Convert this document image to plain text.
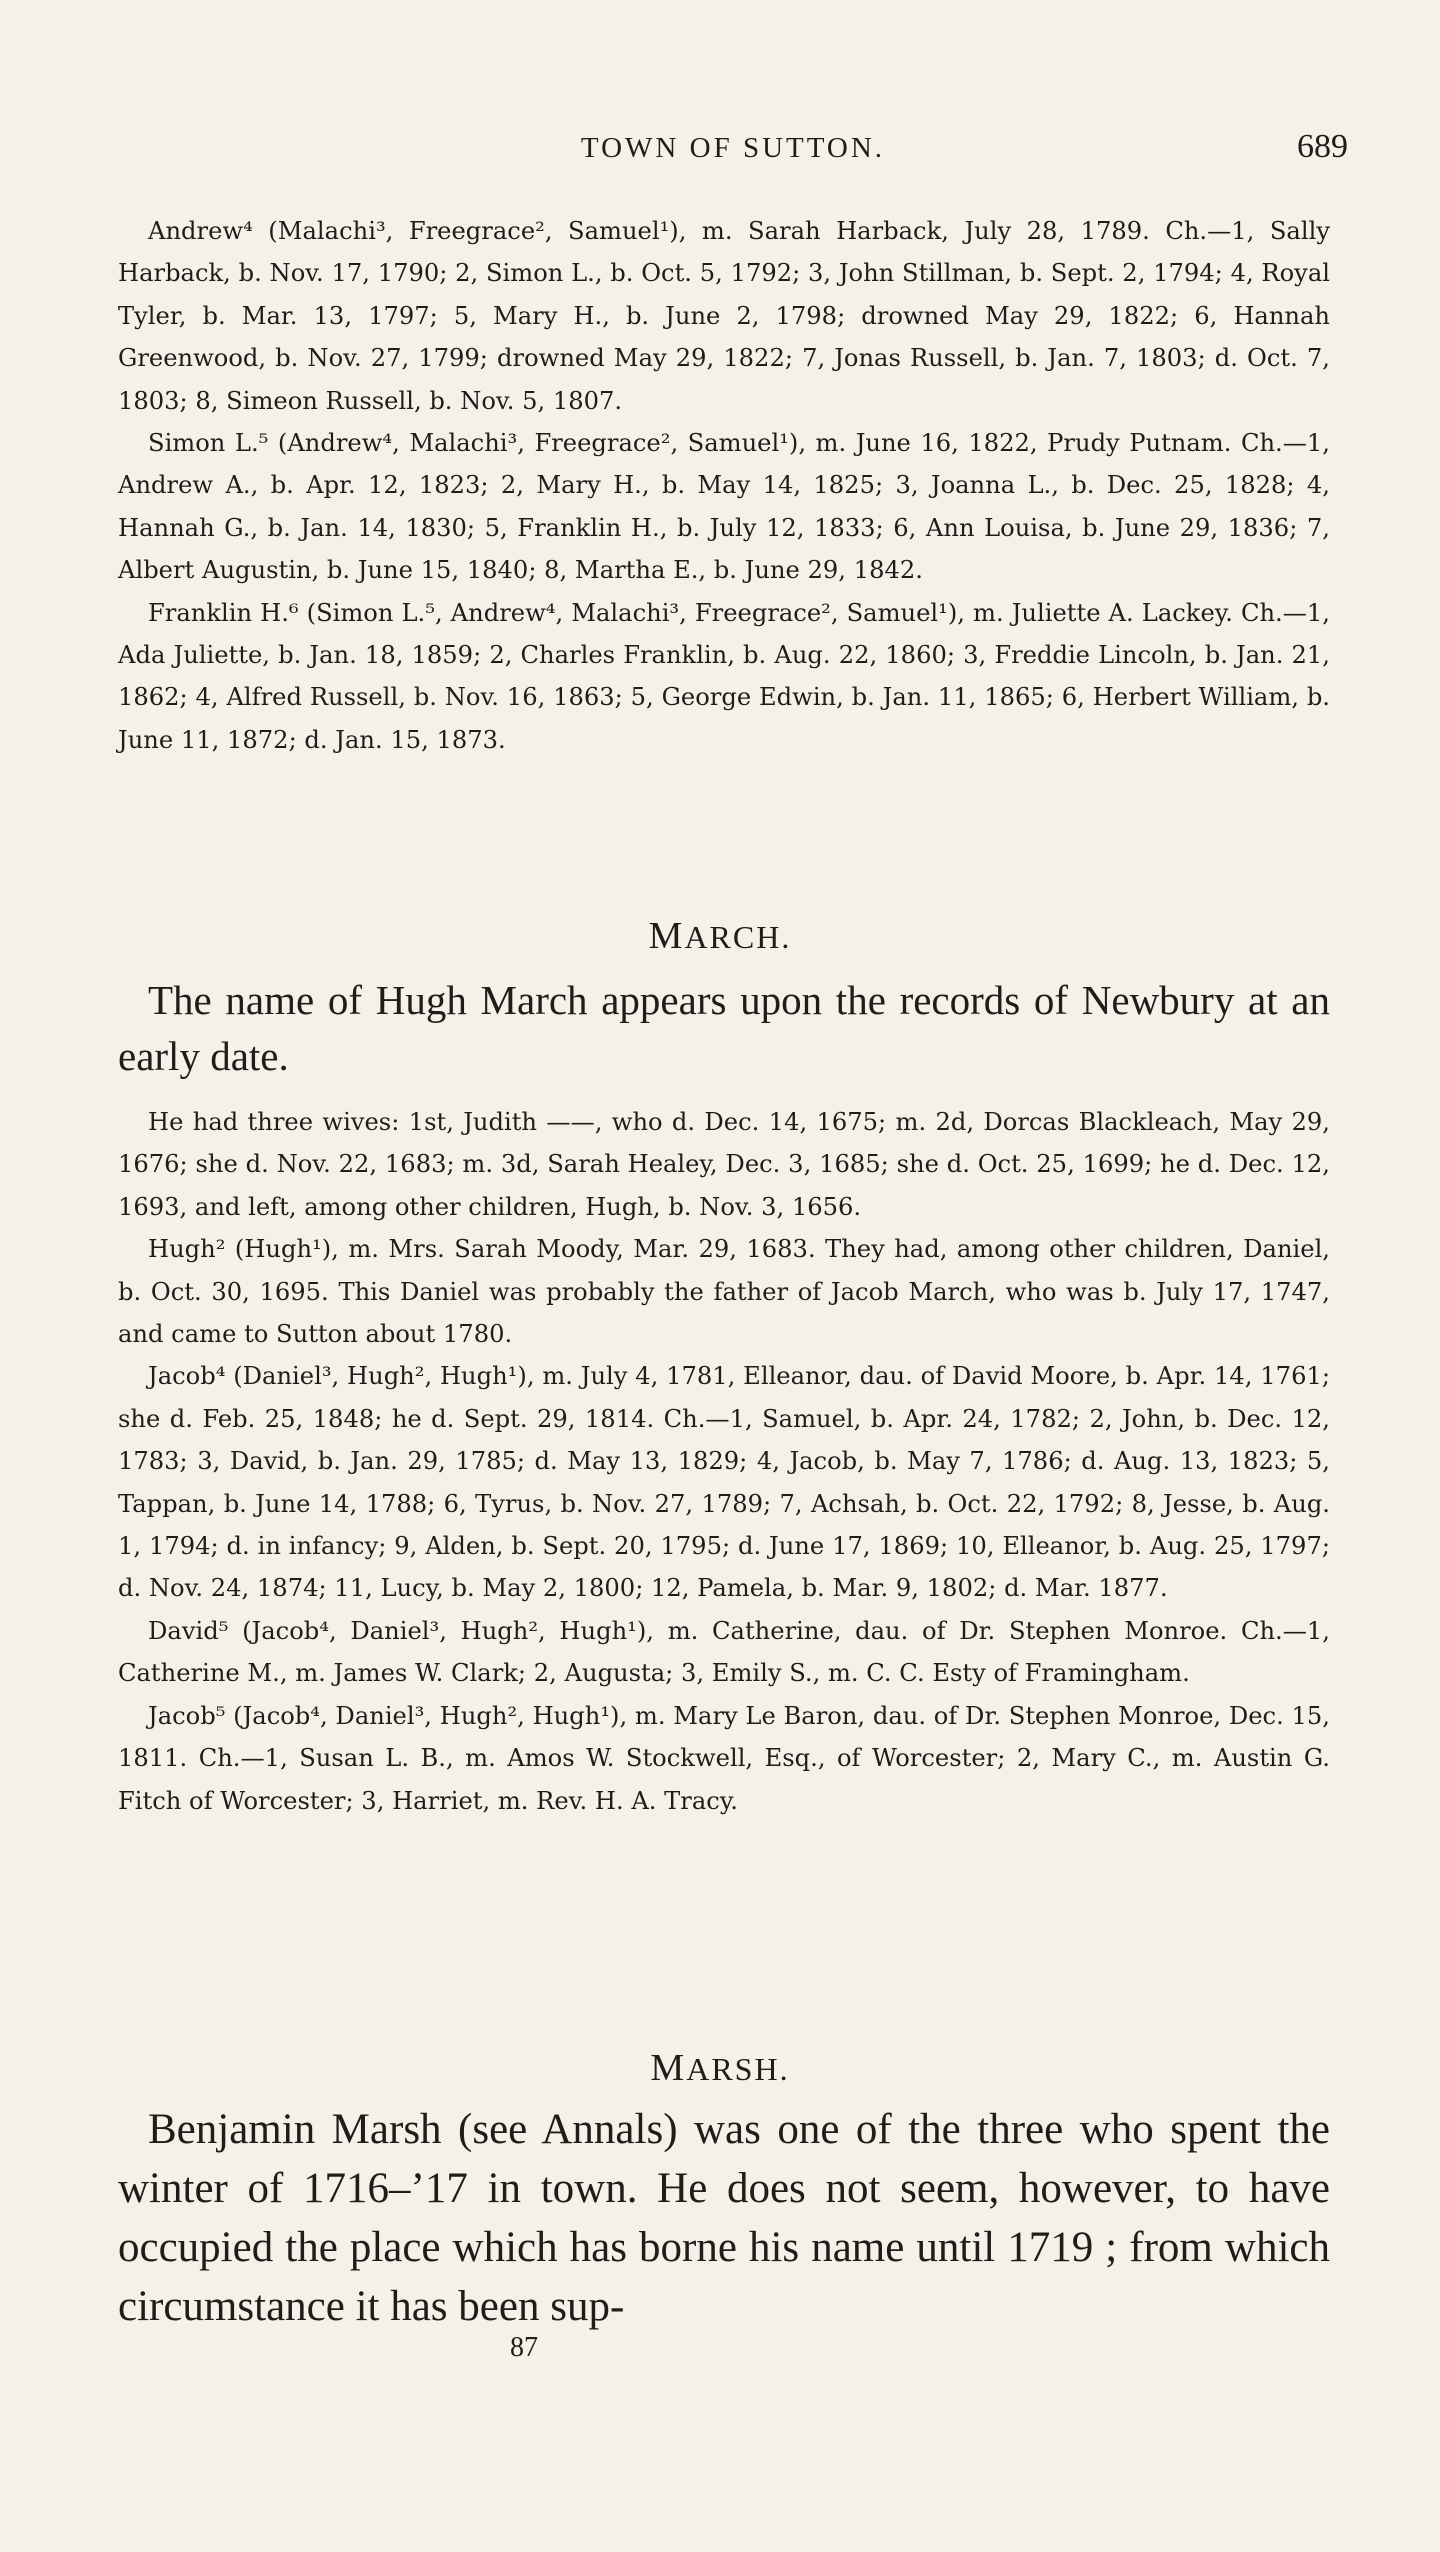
TOWN OF SUTTON.	689

Andrew⁴ (Malachi³, Freegrace², Samuel¹), m. Sarah Harback, July 28, 1789. Ch.—1, Sally Harback, b. Nov. 17, 1790; 2, Simon L., b. Oct. 5, 1792; 3, John Stillman, b. Sept. 2, 1794; 4, Royal Tyler, b. Mar. 13, 1797; 5, Mary H., b. June 2, 1798; drowned May 29, 1822; 6, Hannah Greenwood, b. Nov. 27, 1799; drowned May 29, 1822; 7, Jonas Russell, b. Jan. 7, 1803; d. Oct. 7, 1803; 8, Simeon Russell, b. Nov. 5, 1807.

Simon L.⁵ (Andrew⁴, Malachi³, Freegrace², Samuel¹), m. June 16, 1822, Prudy Putnam. Ch.—1, Andrew A., b. Apr. 12, 1823; 2, Mary H., b. May 14, 1825; 3, Joanna L., b. Dec. 25, 1828; 4, Hannah G., b. Jan. 14, 1830; 5, Franklin H., b. July 12, 1833; 6, Ann Louisa, b. June 29, 1836; 7, Albert Augustin, b. June 15, 1840; 8, Martha E., b. June 29, 1842.

Franklin H.⁶ (Simon L.⁵, Andrew⁴, Malachi³, Freegrace², Samuel¹), m. Juliette A. Lackey. Ch.—1, Ada Juliette, b. Jan. 18, 1859; 2, Charles Franklin, b. Aug. 22, 1860; 3, Freddie Lincoln, b. Jan. 21, 1862; 4, Alfred Russell, b. Nov. 16, 1863; 5, George Edwin, b. Jan. 11, 1865; 6, Herbert William, b. June 11, 1872; d. Jan. 15, 1873.

MARCH.

The name of Hugh March appears upon the records of Newbury at an early date.

He had three wives: 1st, Judith ——, who d. Dec. 14, 1675; m. 2d, Dorcas Blackleach, May 29, 1676; she d. Nov. 22, 1683; m. 3d, Sarah Healey, Dec. 3, 1685; she d. Oct. 25, 1699; he d. Dec. 12, 1693, and left, among other children, Hugh, b. Nov. 3, 1656.

Hugh² (Hugh¹), m. Mrs. Sarah Moody, Mar. 29, 1683. They had, among other children, Daniel, b. Oct. 30, 1695. This Daniel was probably the father of Jacob March, who was b. July 17, 1747, and came to Sutton about 1780.

Jacob⁴ (Daniel³, Hugh², Hugh¹), m. July 4, 1781, Elleanor, dau. of David Moore, b. Apr. 14, 1761; she d. Feb. 25, 1848; he d. Sept. 29, 1814. Ch.—1, Samuel, b. Apr. 24, 1782; 2, John, b. Dec. 12, 1783; 3, David, b. Jan. 29, 1785; d. May 13, 1829; 4, Jacob, b. May 7, 1786; d. Aug. 13, 1823; 5, Tappan, b. June 14, 1788; 6, Tyrus, b. Nov. 27, 1789; 7, Achsah, b. Oct. 22, 1792; 8, Jesse, b. Aug. 1, 1794; d. in infancy; 9, Alden, b. Sept. 20, 1795; d. June 17, 1869; 10, Elleanor, b. Aug. 25, 1797; d. Nov. 24, 1874; 11, Lucy, b. May 2, 1800; 12, Pamela, b. Mar. 9, 1802; d. Mar. 1877.

David⁵ (Jacob⁴, Daniel³, Hugh², Hugh¹), m. Catherine, dau. of Dr. Stephen Monroe. Ch.—1, Catherine M., m. James W. Clark; 2, Augusta; 3, Emily S., m. C. C. Esty of Framingham.

Jacob⁵ (Jacob⁴, Daniel³, Hugh², Hugh¹), m. Mary Le Baron, dau. of Dr. Stephen Monroe, Dec. 15, 1811. Ch.—1, Susan L. B., m. Amos W. Stockwell, Esq., of Worcester; 2, Mary C., m. Austin G. Fitch of Worcester; 3, Harriet, m. Rev. H. A. Tracy.

MARSH.

Benjamin Marsh (see Annals) was one of the three who spent the winter of 1716–’17 in town. He does not seem, however, to have occupied the place which has borne his name until 1719 ; from which circumstance it has been sup-

87
